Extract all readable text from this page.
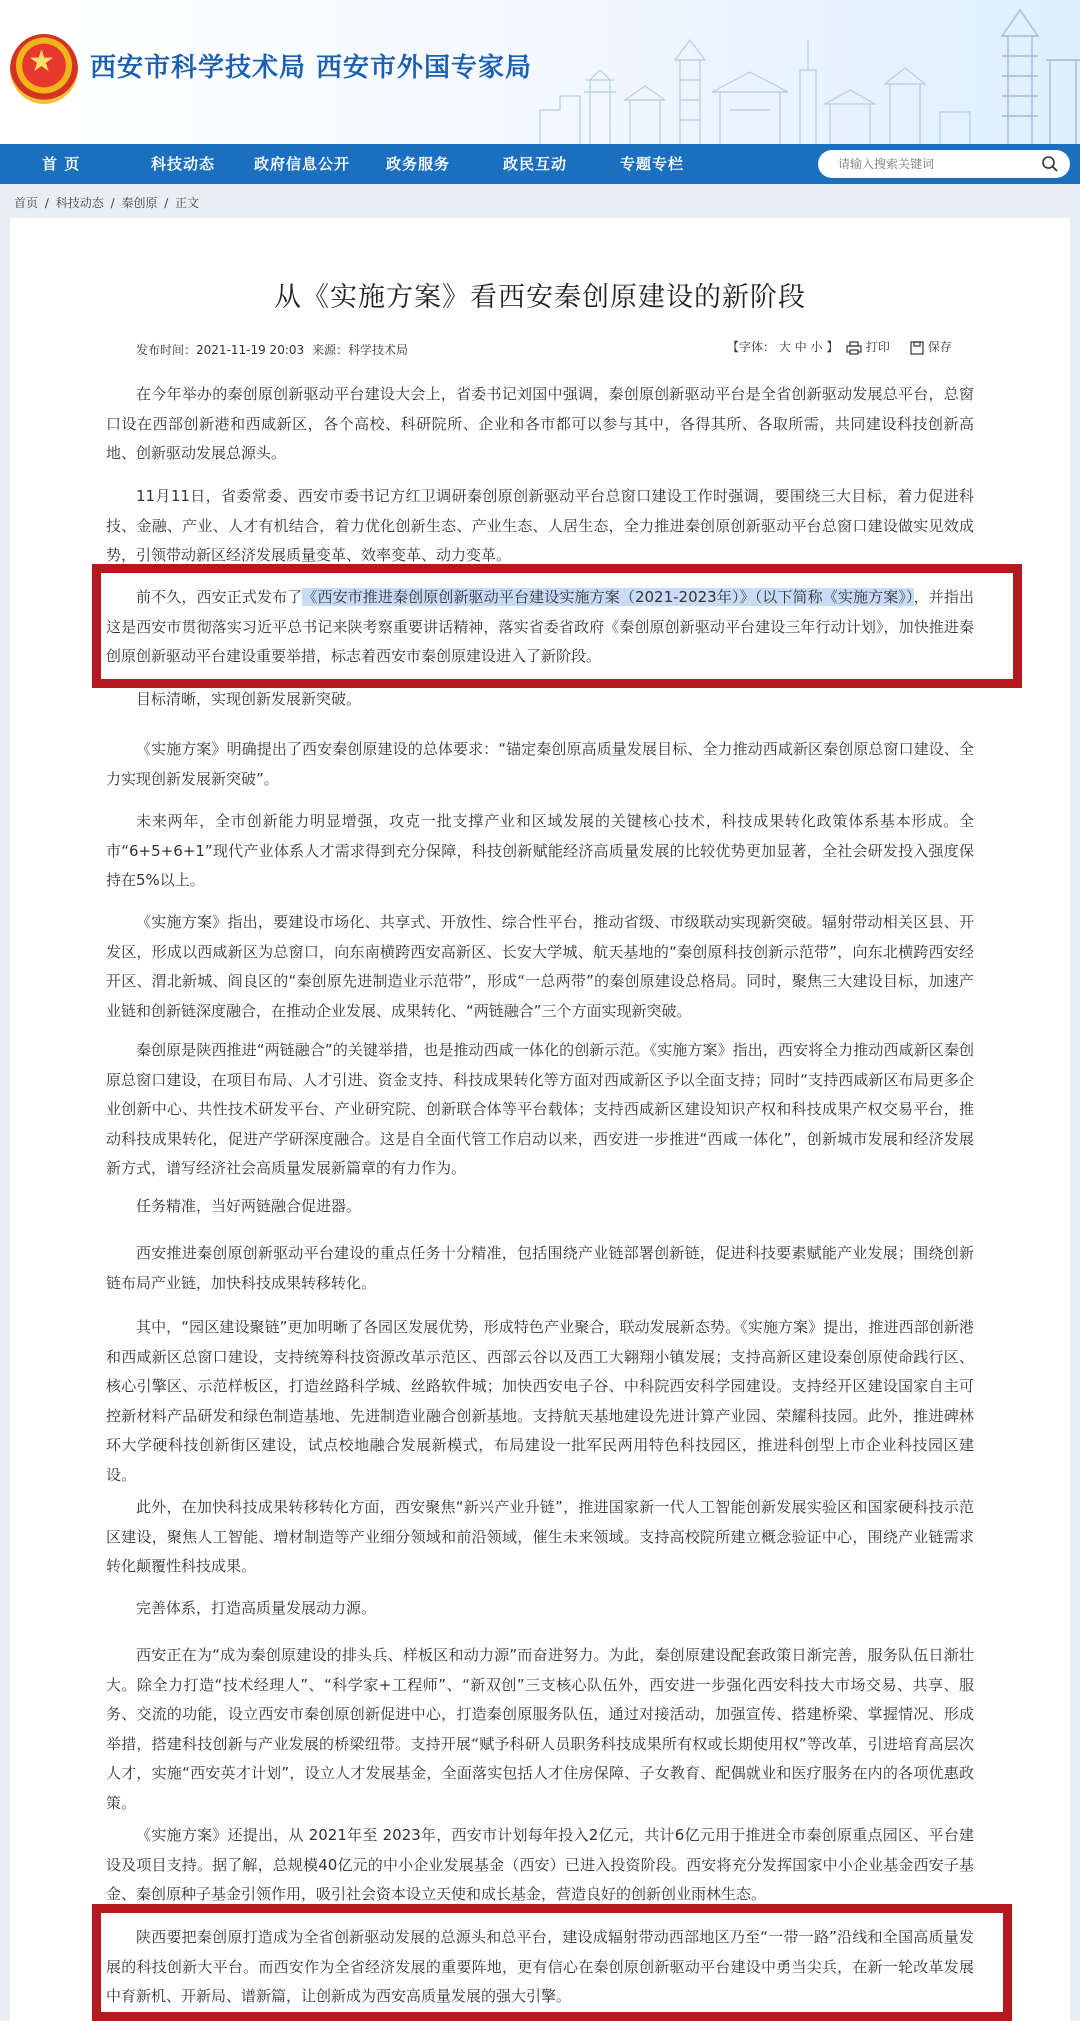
★ 西安市科学技术局 西安市外国专家局
首 页	科技动态	政府信息公开 政务服务	政民互动	专题专栏
请输入搜索关键词
首页 / 科技动态 / 秦创原 / 正文
从《实施方案》看西安秦创原建设的新阶段
发布时间：2021-11-19 20:03 来源：科学技术局	【字体： 大 中 小 】	打印	保存
在今年举办的秦创原创新驱动平台建设大会上，省委书记刘国中强调，秦创原创新驱动平台是全省创新驱动发展总平台，总窗口设在西部创新港和西咸新区，各个高校、科研院所、企业和各市都可以参与其中，各得其所、各取所需，共同建设科技创新高地、创新驱动发展总源头。
11月11日，省委常委、西安市委书记方红卫调研秦创原创新驱动平台总窗口建设工作时强调，要围绕三大目标，着力促进科技、金融、产业、人才有机结合，着力优化创新生态、产业生态、人居生态，全力推进秦创原创新驱动平台总窗口建设做实见效成势，引领带动新区经济发展质量变革、效率变革、动力变革。
前不久，西安正式发布了《西安市推进秦创原创新驱动平台建设实施方案（2021-2023年）》（以下简称《实施方案》），并指出这是西安市贯彻落实习近平总书记来陕考察重要讲话精神，落实省委省政府《秦创原创新驱动平台建设三年行动计划》，加快推进秦创原创新驱动平台建设重要举措，标志着西安市秦创原建设进入了新阶段。
目标清晰，实现创新发展新突破。
《实施方案》明确提出了西安秦创原建设的总体要求：“锚定秦创原高质量发展目标、全力推动西咸新区秦创原总窗口建设、全力实现创新发展新突破”。
未来两年，全市创新能力明显增强，攻克一批支撑产业和区域发展的关键核心技术，科技成果转化政策体系基本形成。全市“6+5+6+1”现代产业体系人才需求得到充分保障，科技创新赋能经济高质量发展的比较优势更加显著，全社会研发投入强度保持在5%以上。
《实施方案》指出，要建设市场化、共享式、开放性、综合性平台，推动省级、市级联动实现新突破。辐射带动相关区县、开发区，形成以西咸新区为总窗口，向东南横跨西安高新区、长安大学城、航天基地的“秦创原科技创新示范带”，向东北横跨西安经开区、渭北新城、阎良区的“秦创原先进制造业示范带”，形成“一总两带”的秦创原建设总格局。同时，聚焦三大建设目标，加速产业链和创新链深度融合，在推动企业发展、成果转化、“两链融合”三个方面实现新突破。
秦创原是陕西推进“两链融合”的关键举措，也是推动西咸一体化的创新示范。《实施方案》指出，西安将全力推动西咸新区秦创原总窗口建设，在项目布局、人才引进、资金支持、科技成果转化等方面对西咸新区予以全面支持；同时“支持西咸新区布局更多企业创新中心、共性技术研发平台、产业研究院、创新联合体等平台载体；支持西咸新区建设知识产权和科技成果产权交易平台，推动科技成果转化，促进产学研深度融合。这是自全面代管工作启动以来，西安进一步推进“西咸一体化”，创新城市发展和经济发展新方式，谱写经济社会高质量发展新篇章的有力作为。
任务精准，当好两链融合促进器。
西安推进秦创原创新驱动平台建设的重点任务十分精准，包括围绕产业链部署创新链，促进科技要素赋能产业发展；围绕创新链布局产业链，加快科技成果转移转化。
其中，“园区建设聚链”更加明晰了各园区发展优势，形成特色产业聚合，联动发展新态势。《实施方案》提出，推进西部创新港和西咸新区总窗口建设，支持统筹科技资源改革示范区、西部云谷以及西工大翱翔小镇发展；支持高新区建设秦创原使命践行区、核心引擎区、示范样板区，打造丝路科学城、丝路软件城；加快西安电子谷、中科院西安科学园建设。支持经开区建设国家自主可控新材料产品研发和绿色制造基地、先进制造业融合创新基地。支持航天基地建设先进计算产业园、荣耀科技园。此外，推进碑林环大学硬科技创新街区建设，试点校地融合发展新模式，布局建设一批军民两用特色科技园区，推进科创型上市企业科技园区建设。
此外，在加快科技成果转移转化方面，西安聚焦“新兴产业升链”，推进国家新一代人工智能创新发展实验区和国家硬科技示范区建设，聚焦人工智能、增材制造等产业细分领域和前沿领域，催生未来领域。支持高校院所建立概念验证中心，围绕产业链需求转化颠覆性科技成果。
完善体系，打造高质量发展动力源。
西安正在为“成为秦创原建设的排头兵、样板区和动力源”而奋进努力。为此，秦创原建设配套政策日渐完善，服务队伍日渐壮大。除全力打造“技术经理人”、“科学家+工程师”、“新双创”三支核心队伍外，西安进一步强化西安科技大市场交易、共享、服务、交流的功能，设立西安市秦创原创新促进中心，打造秦创原服务队伍，通过对接活动，加强宣传、搭建桥梁、掌握情况、形成举措，搭建科技创新与产业发展的桥梁纽带。支持开展“赋予科研人员职务科技成果所有权或长期使用权”等改革，引进培育高层次人才，实施“西安英才计划”，设立人才发展基金，全面落实包括人才住房保障、子女教育、配偶就业和医疗服务在内的各项优惠政策。
《实施方案》还提出，从 2021年至 2023年，西安市计划每年投入2亿元，共计6亿元用于推进全市秦创原重点园区、平台建设及项目支持。据了解，总规模40亿元的中小企业发展基金（西安）已进入投资阶段。西安将充分发挥国家中小企业基金西安子基金、秦创原种子基金引领作用，吸引社会资本设立天使和成长基金，营造良好的创新创业雨林生态。
陕西要把秦创原打造成为全省创新驱动发展的总源头和总平台，建设成辐射带动西部地区乃至“一带一路”沿线和全国高质量发展的科技创新大平台。而西安作为全省经济发展的重要阵地，更有信心在秦创原创新驱动平台建设中勇当尖兵，在新一轮改革发展中育新机、开新局、谱新篇，让创新成为西安高质量发展的强大引擎。
